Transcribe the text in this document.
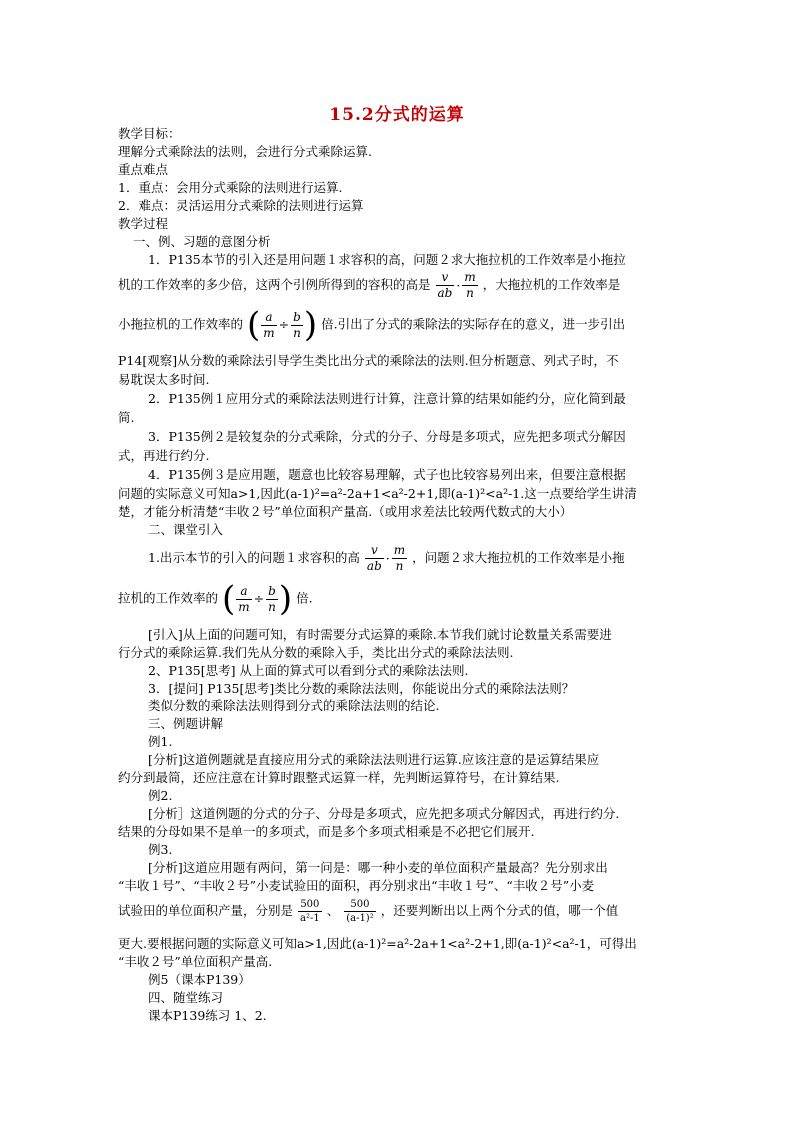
15.2分式的运算
教学目标：
理解分式乘除法的法则，会进行分式乘除运算.
重点难点
1．重点：会用分式乘除的法则进行运算.
2．难点：灵活运用分式乘除的法则进行运算
教学过程
一、例、习题的意图分析
1．P135本节的引入还是用问题１求容积的高，问题２求大拖拉机的工作效率是小拖拉
机的工作效率的多少倍，这两个引例所得到的容积的高是 $\frac{v}{ab} \cdot \frac{m}{n}$ ，大拖拉机的工作效率是
小拖拉机的工作效率的 ( $\frac{a}{m} \div \frac{b}{n}$ ) 倍.引出了分式的乘除法的实际存在的意义，进一步引出
P14[观察]从分数的乘除法引导学生类比出分式的乘除法的法则.但分析题意、列式子时，不
易耽误太多时间.
2．P135例１应用分式的乘除法法则进行计算，注意计算的结果如能约分，应化简到最
简.
3．P135例２是较复杂的分式乘除，分式的分子、分母是多项式，应先把多项式分解因
式，再进行约分.
4．P135例３是应用题，题意也比较容易理解，式子也比较容易列出来，但要注意根据
问题的实际意义可知a>1,因此(a-1)²=a²-2a+1<a²-2+1,即(a-1)²<a²-1.这一点要给学生讲清
楚，才能分析清楚“丰收２号”单位面积产量高.（或用求差法比较两代数式的大小）
二、课堂引入
1.出示本节的引入的问题１求容积的高 $\frac{v}{ab} \cdot \frac{m}{n}$ ，问题２求大拖拉机的工作效率是小拖
拉机的工作效率的 ( $\frac{a}{m} \div \frac{b}{n}$ ) 倍.
[引入]从上面的问题可知，有时需要分式运算的乘除.本节我们就讨论数量关系需要进
行分式的乘除运算.我们先从分数的乘除入手，类比出分式的乘除法法则.
2、P135[思考] 从上面的算式可以看到分式的乘除法法则.
3．[提问] P135[思考]类比分数的乘除法法则，你能说出分式的乘除法法则？
类似分数的乘除法法则得到分式的乘除法法则的结论.
三、例题讲解
例1.
[分析]这道例题就是直接应用分式的乘除法法则进行运算.应该注意的是运算结果应
约分到最简，还应注意在计算时跟整式运算一样，先判断运算符号，在计算结果.
例2.
[分析］这道例题的分式的分子、分母是多项式，应先把多项式分解因式，再进行约分.
结果的分母如果不是单一的多项式，而是多个多项式相乘是不必把它们展开.
例3.
[分析]这道应用题有两问，第一问是：哪一种小麦的单位面积产量最高？先分别求出
“丰收１号”、“丰收２号”小麦试验田的面积，再分别求出“丰收１号”、“丰收２号”小麦
试验田的单位面积产量，分别是 $\frac{500}{\text{a²-1}}$ 、 $\frac{500}{\text{(a-1)²}}$ ，还要判断出以上两个分式的值，哪一个值
更大.要根据问题的实际意义可知a>1,因此(a-1)²=a²-2a+1<a²-2+1,即(a-1)²<a²-1，可得出
“丰收２号”单位面积产量高.
例5（课本P139）
四、随堂练习
课本P139练习 1、2.
